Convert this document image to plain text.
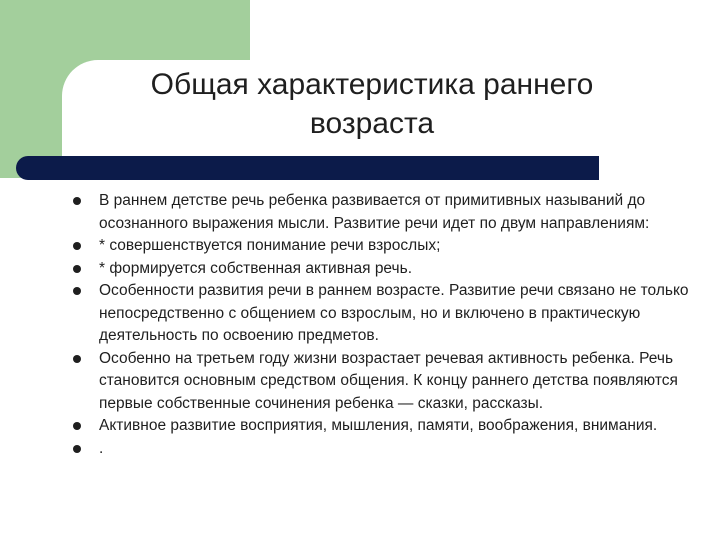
Общая характеристика раннего
возраста
В раннем детстве речь ребенка развивается от примитивных называний до осознанного выражения мысли. Развитие речи идет по двум направлениям:
* совершенствуется понимание речи взрослых;
* формируется собственная активная речь.
Особенности развития речи в раннем возрасте. Развитие речи связано не только непосредственно с общением со взрослым, но и включено в практическую деятельность по освоению предметов.
Особенно на третьем году жизни возрастает речевая активность ребенка. Речь становится основным средством общения. К концу раннего детства появляются первые собственные сочинения ребенка — сказки, рассказы.
Активное развитие восприятия, мышления, памяти, воображения, внимания.
.
